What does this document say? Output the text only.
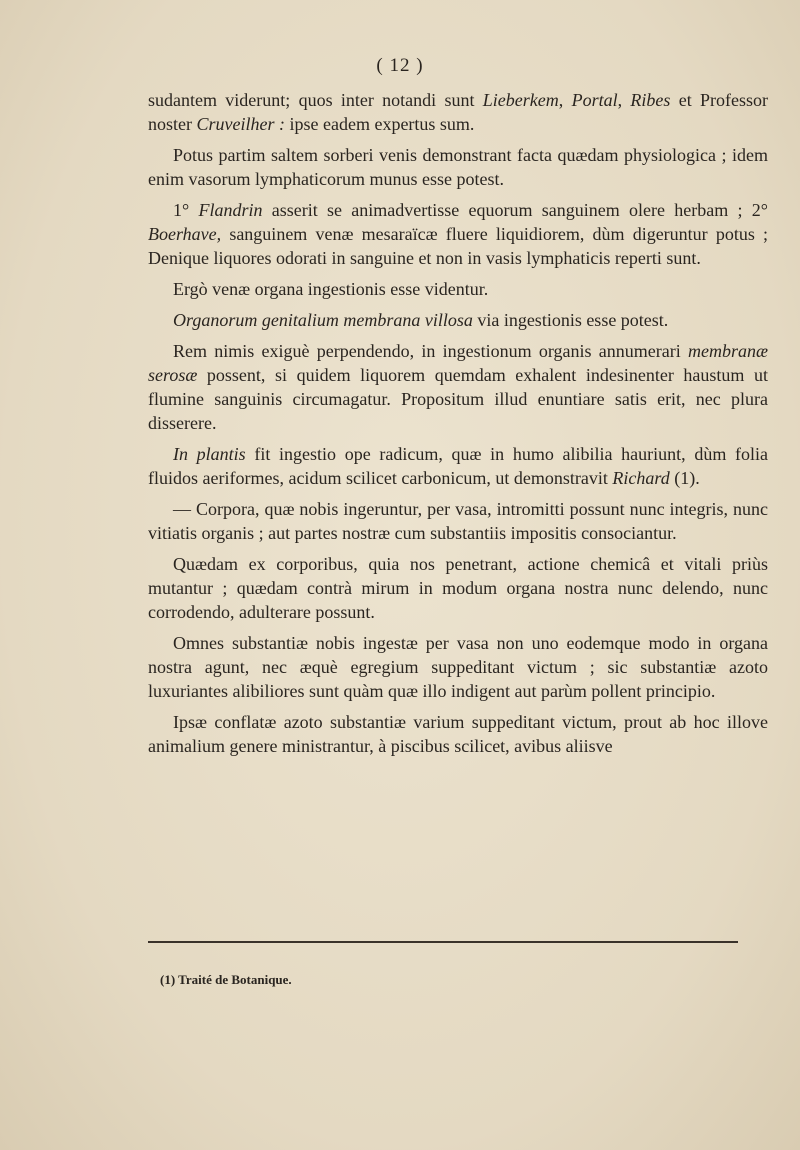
( 12 )

sudantem viderunt; quos inter notandi sunt Lieberkem, Portal, Ribes et Professor noster Cruveilher : ipse eadem expertus sum.

Potus partim saltem sorberi venis demonstrant facta quædam physiologica ; idem enim vasorum lymphaticorum munus esse potest.

1° Flandrin asserit se animadvertisse equorum sanguinem olere herbam ; 2° Boerhave, sanguinem venæ mesaraïcæ fluere liquidiorem, dùm digeruntur potus ; Denique liquores odorati in sanguine et non in vasis lymphaticis reperti sunt.

Ergò venæ organa ingestionis esse videntur.

Organorum genitalium membrana villosa via ingestionis esse potest.

Rem nimis exiguè perpendendo, in ingestionum organis annumerari membranæ serosæ possent, si quidem liquorem quemdam exhalent indesinenter haustum ut flumine sanguinis circumagatur. Propositum illud enuntiare satis erit, nec plura disserere.

In plantis fit ingestio ope radicum, quæ in humo alibilia hauriunt, dùm folia fluidos aeriformes, acidum scilicet carbonicum, ut demonstravit Richard (1).

— Corpora, quæ nobis ingeruntur, per vasa, intromitti possunt nunc integris, nunc vitiatis organis ; aut partes nostræ cum substantiis impositis consociantur.

Quædam ex corporibus, quia nos penetrant, actione chemicâ et vitali priùs mutantur ; quædam contrà mirum in modum organa nostra nunc delendo, nunc corrodendo, adulterare possunt.

Omnes substantiæ nobis ingestæ per vasa non uno eodemque modo in organa nostra agunt, nec æquè egregium suppeditant victum ; sic substantiæ azoto luxuriantes alibiliores sunt quàm quæ illo indigent aut parùm pollent principio.

Ipsæ conflatæ azoto substantiæ varium suppeditant victum, prout ab hoc illove animalium genere ministrantur, à piscibus scilicet, avibus aliisve

(1) Traité de Botanique.
